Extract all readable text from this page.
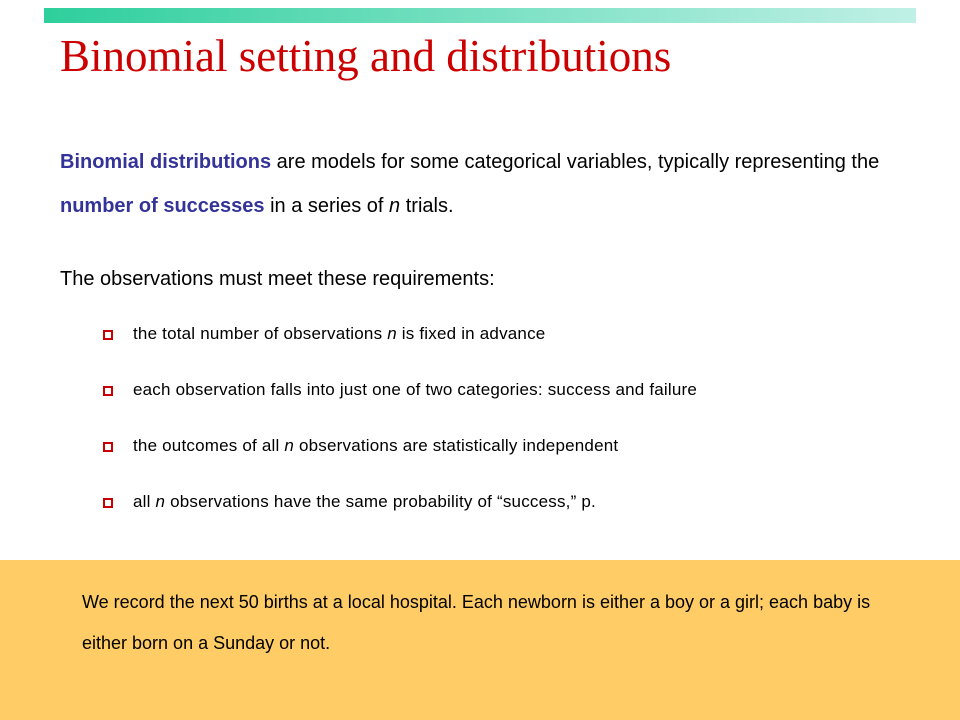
Binomial setting and distributions
Binomial distributions are models for some categorical variables, typically representing the number of successes in a series of n trials.
The observations must meet these requirements:
the total number of observations n is fixed in advance
each observation falls into just one of two categories: success and failure
the outcomes of all n observations are statistically independent
all n observations have the same probability of “success,” p.
We record the next 50 births at a local hospital. Each newborn is either a boy or a girl; each baby is either born on a Sunday or not.
